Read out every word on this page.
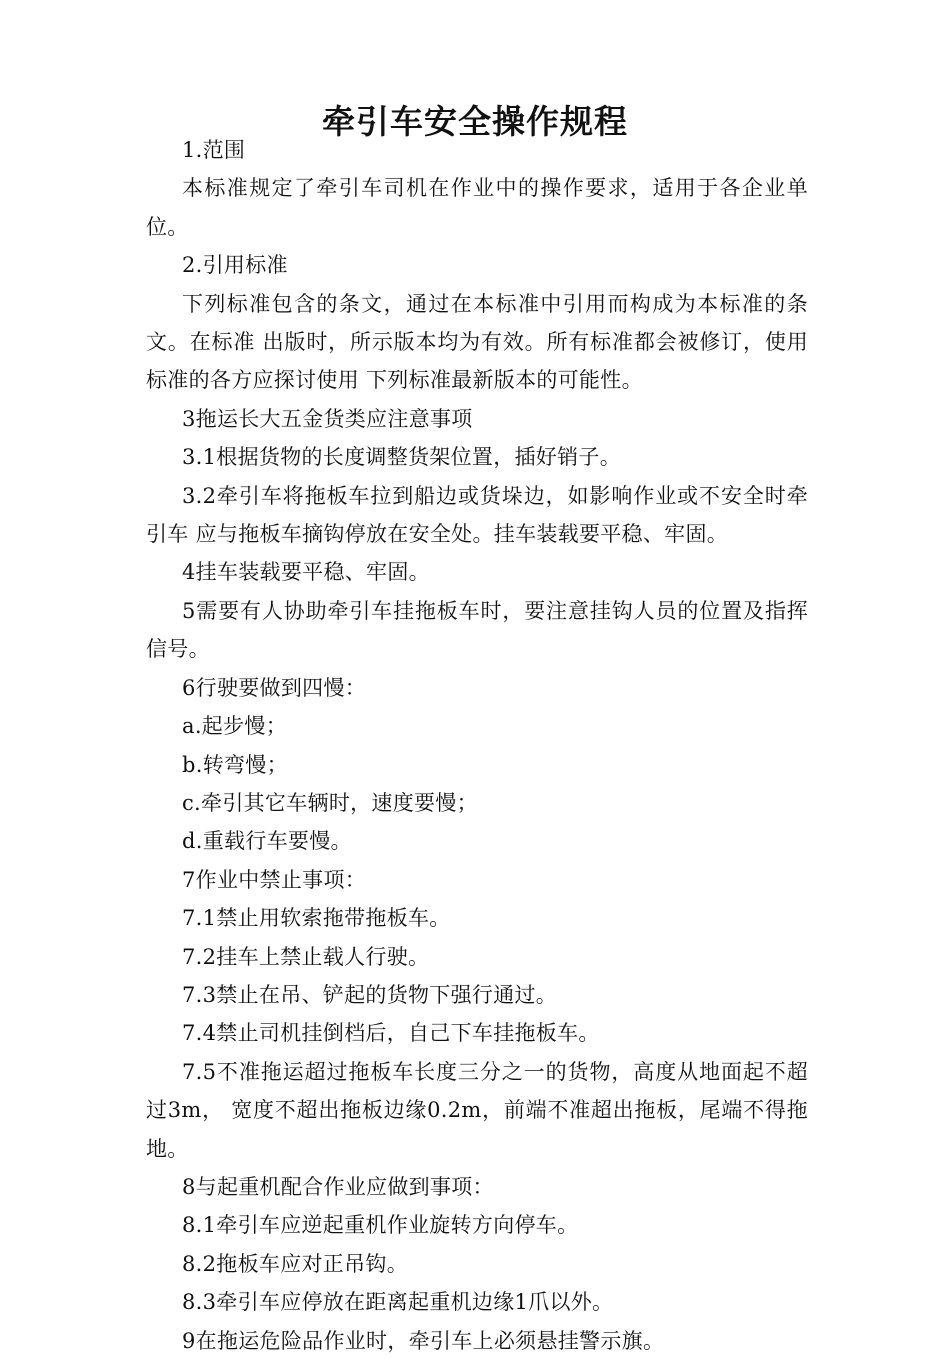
牵引车安全操作规程

1.范围

本标准规定了牵引车司机在作业中的操作要求，适用于各企业单位。

2.引用标准

下列标准包含的条文，通过在本标准中引用而构成为本标准的条文。在标准 出版时，所示版本均为有效。所有标准都会被修订，使用标准的各方应探讨使用 下列标准最新版本的可能性。

3拖运长大五金货类应注意事项

3.1根据货物的长度调整货架位置，插好销子。

3.2牵引车将拖板车拉到船边或货垛边，如影响作业或不安全时牵引车 应与拖板车摘钩停放在安全处。挂车装载要平稳、牢固。

4挂车装载要平稳、牢固。

5需要有人协助牵引车挂拖板车时，要注意挂钩人员的位置及指挥信号。

6行驶要做到四慢：

a.起步慢；

b.转弯慢；

c.牵引其它车辆时，速度要慢；

d.重载行车要慢。

7作业中禁止事项：

7.1禁止用软索拖带拖板车。

7.2挂车上禁止载人行驶。

7.3禁止在吊、铲起的货物下强行通过。

7.4禁止司机挂倒档后，自己下车挂拖板车。

7.5不准拖运超过拖板车长度三分之一的货物，高度从地面起不超过3m， 宽度不超出拖板边缘0.2m，前端不准超出拖板，尾端不得拖地。

8与起重机配合作业应做到事项：

8.1牵引车应逆起重机作业旋转方向停车。

8.2拖板车应对正吊钩。

8.3牵引车应停放在距离起重机边缘1爪以外。

9在拖运危险品作业时，牵引车上必须悬挂警示旗。
